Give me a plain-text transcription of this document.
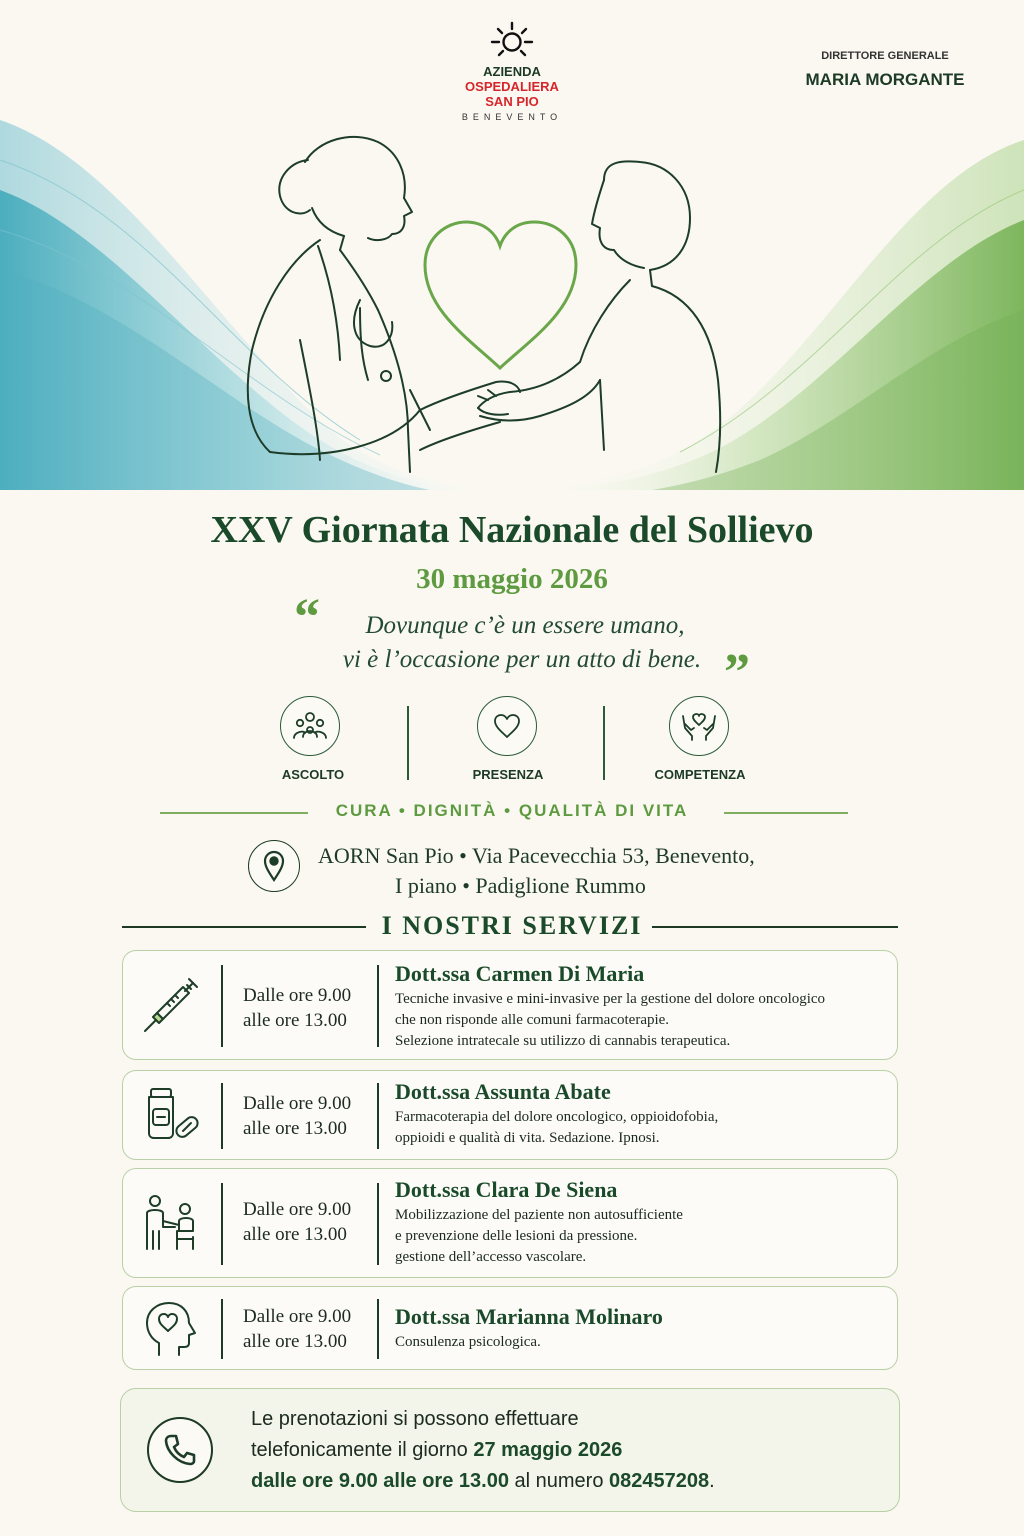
AZIENDA
OSPEDALIERA
SAN PIO
BENEVENTO
DIRETTORE GENERALE
MARIA MORGANTE
XXV Giornata Nazionale del Sollievo
30 maggio 2026
“	Dovunque c’è un essere umano,
vi è l’occasione per un atto di bene. ”
ASCOLTO	PRESENZA	COMPETENZA
CURA • DIGNITÀ • QUALITÀ DI VITA
AORN San Pio • Via Pacevecchia 53, Benevento,
I piano • Padiglione Rummo
I NOSTRI SERVIZI
Dalle ore 9.00
alle ore 13.00
Dott.ssa Carmen Di Maria
Tecniche invasive e mini-invasive per la gestione del dolore oncologico
che non risponde alle comuni farmacoterapie.
Selezione intratecale su utilizzo di cannabis terapeutica.
Dalle ore 9.00
alle ore 13.00
Dott.ssa Assunta Abate
Farmacoterapia del dolore oncologico, oppioidofobia,
oppioidi e qualità di vita. Sedazione. Ipnosi.
Dalle ore 9.00
alle ore 13.00
Dott.ssa Clara De Siena
Mobilizzazione del paziente non autosufficiente
e prevenzione delle lesioni da pressione.
gestione dell’accesso vascolare.
Dalle ore 9.00
alle ore 13.00
Dott.ssa Marianna Molinaro
Consulenza psicologica.
Le prenotazioni si possono effettuare
telefonicamente il giorno 27 maggio 2026
dalle ore 9.00 alle ore 13.00 al numero 082457208.
